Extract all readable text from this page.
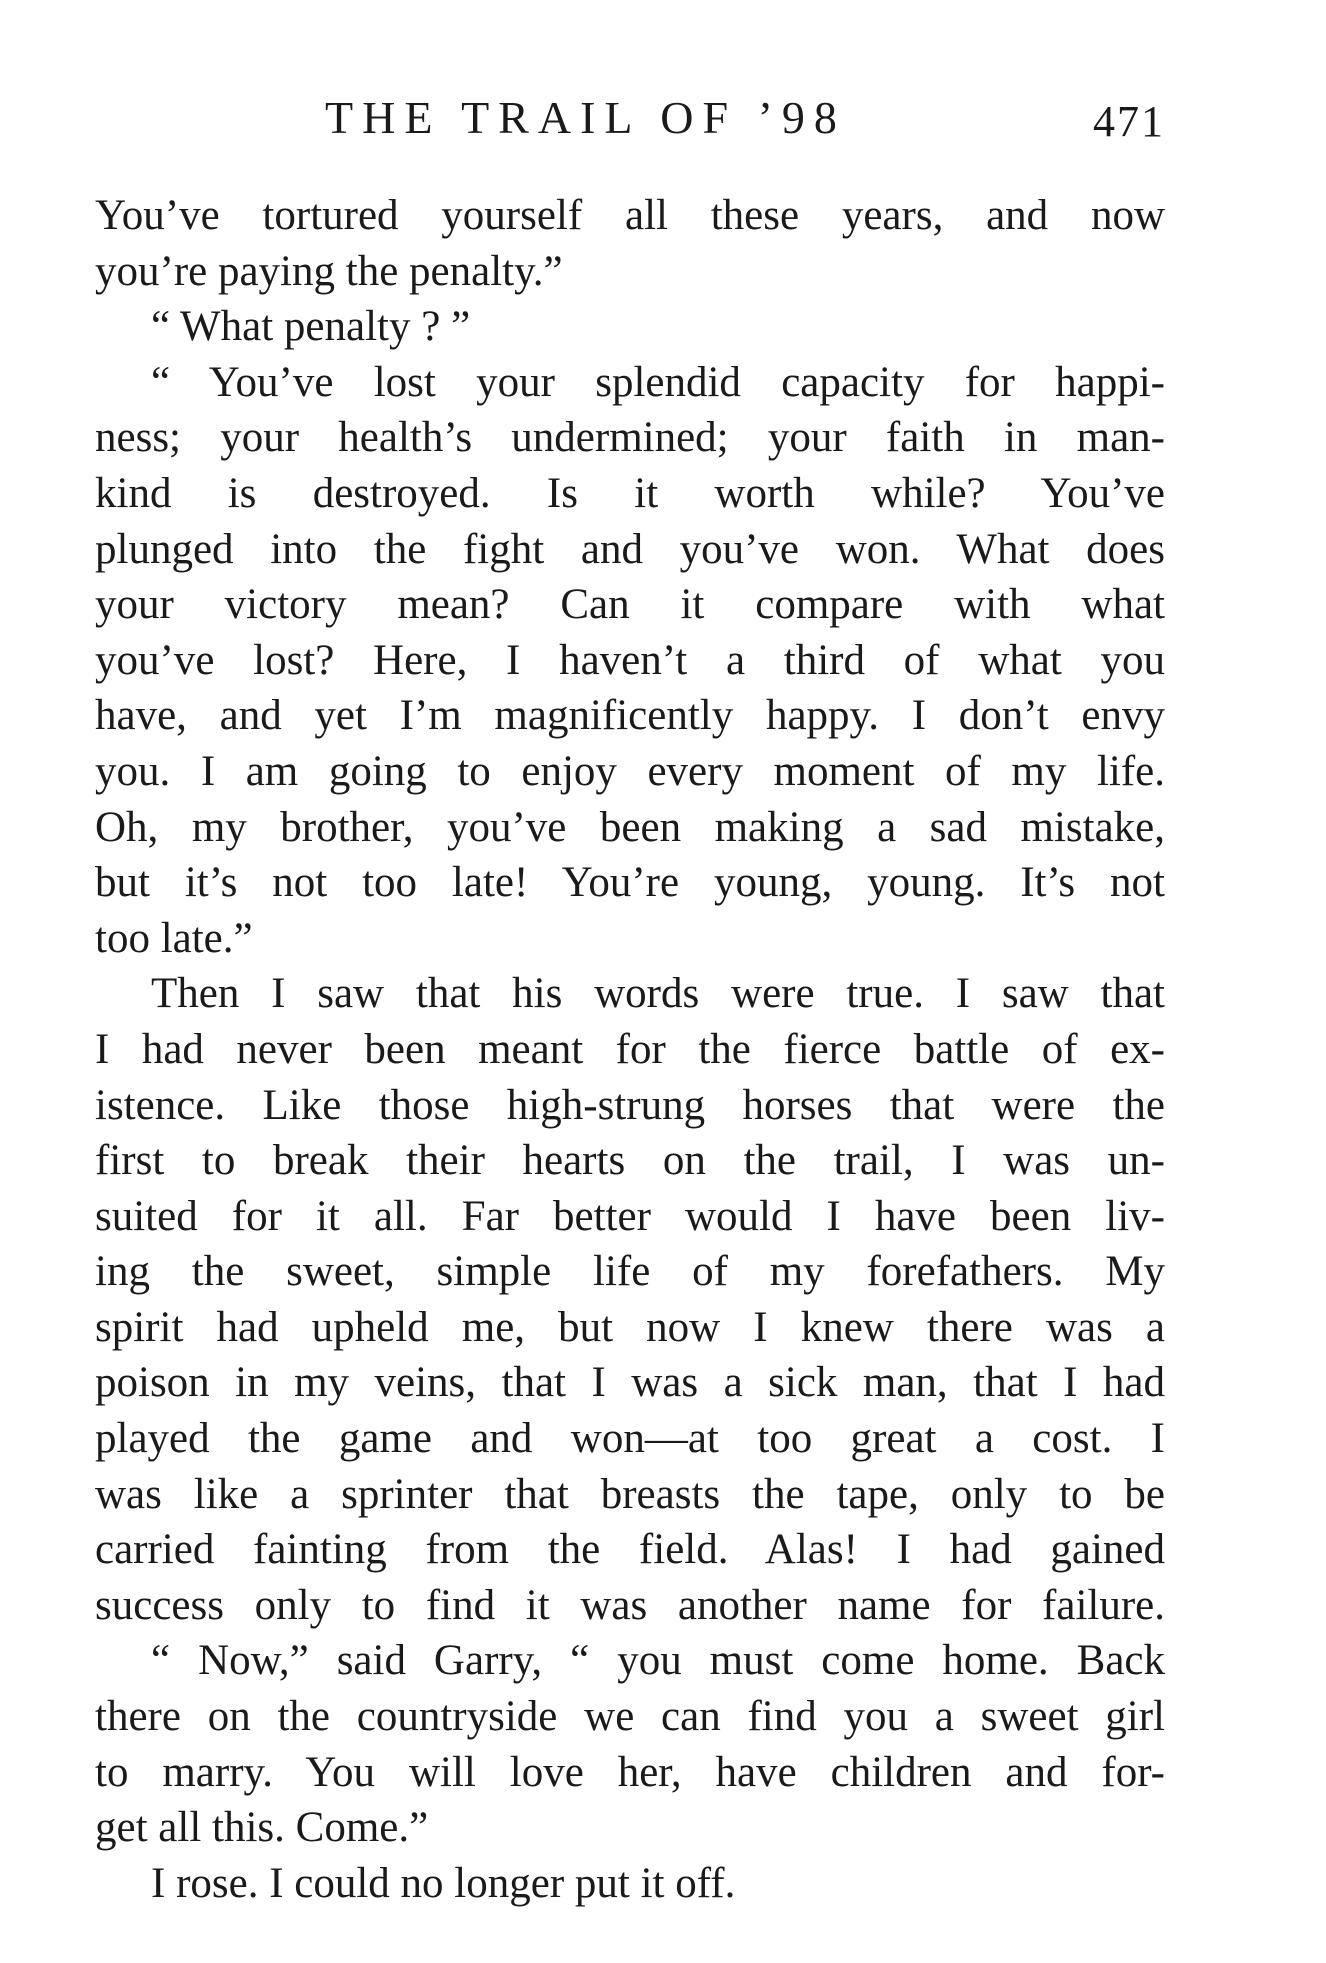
THE TRAIL OF ’98	471
You’ve tortured yourself all these years, and now
you’re paying the penalty.”
“ What penalty ? ”
“ You’ve lost your splendid capacity for happi-
ness; your health’s undermined; your faith in man-
kind is destroyed. Is it worth while? You’ve
plunged into the fight and you’ve won. What does
your victory mean? Can it compare with what
you’ve lost? Here, I haven’t a third of what you
have, and yet I’m magnificently happy. I don’t envy
you. I am going to enjoy every moment of my life.
Oh, my brother, you’ve been making a sad mistake,
but it’s not too late! You’re young, young. It’s not
too late.”
Then I saw that his words were true. I saw that
I had never been meant for the fierce battle of ex-
istence. Like those high-strung horses that were the
first to break their hearts on the trail, I was un-
suited for it all. Far better would I have been liv-
ing the sweet, simple life of my forefathers. My
spirit had upheld me, but now I knew there was a
poison in my veins, that I was a sick man, that I had
played the game and won—at too great a cost. I
was like a sprinter that breasts the tape, only to be
carried fainting from the field. Alas! I had gained
success only to find it was another name for failure.
“ Now,” said Garry, “ you must come home. Back
there on the countryside we can find you a sweet girl
to marry. You will love her, have children and for-
get all this. Come.”
I rose. I could no longer put it off.
